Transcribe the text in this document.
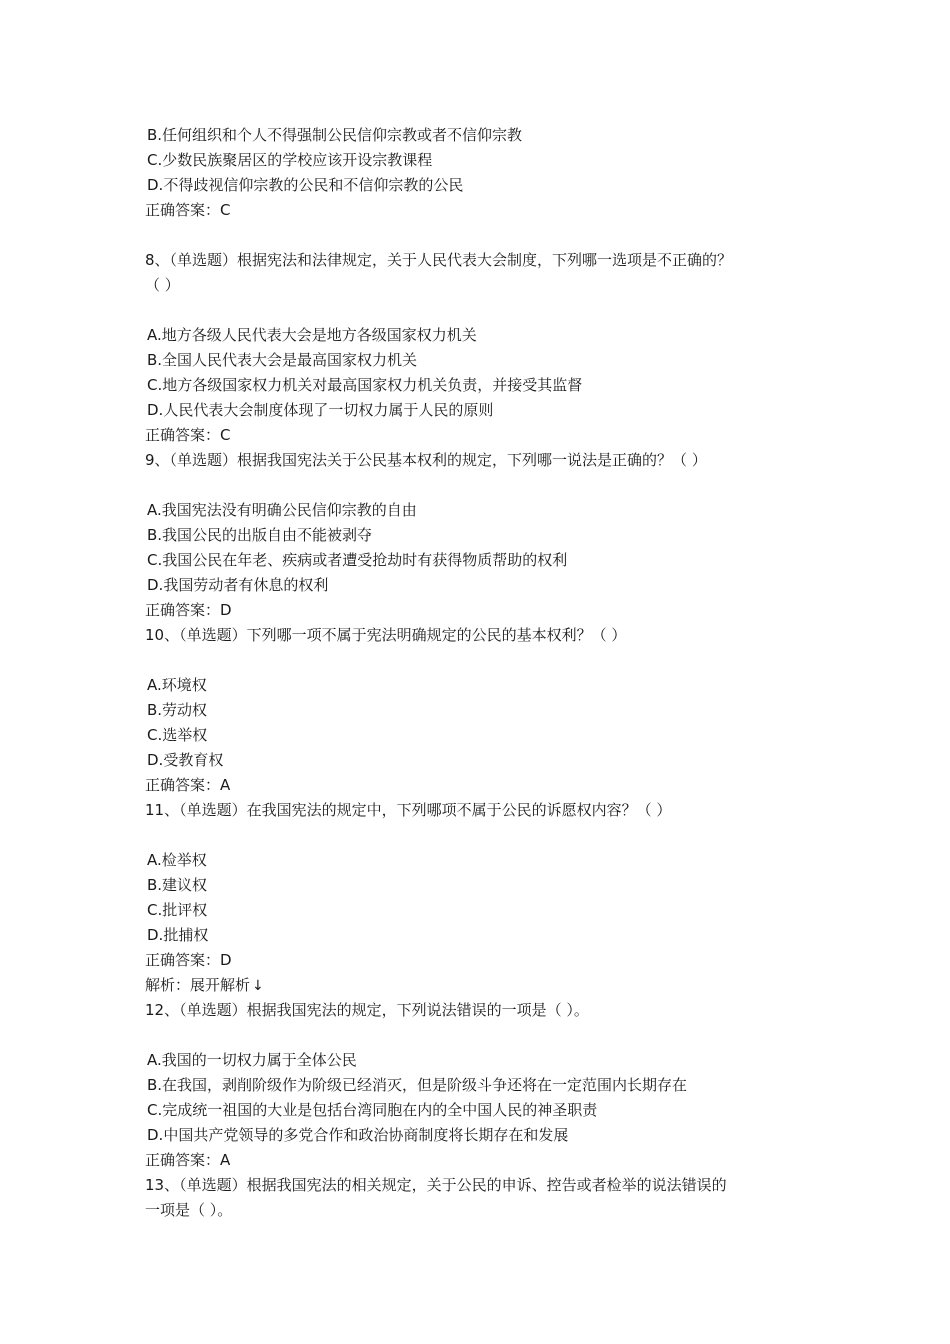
B.任何组织和个人不得强制公民信仰宗教或者不信仰宗教
C.少数民族聚居区的学校应该开设宗教课程
D.不得歧视信仰宗教的公民和不信仰宗教的公民
正确答案：C
8、（单选题）根据宪法和法律规定，关于人民代表大会制度，下列哪一选项是不正确的？
（ ）
A.地方各级人民代表大会是地方各级国家权力机关
B.全国人民代表大会是最高国家权力机关
C.地方各级国家权力机关对最高国家权力机关负责，并接受其监督
D.人民代表大会制度体现了一切权力属于人民的原则
正确答案：C
9、（单选题）根据我国宪法关于公民基本权利的规定，下列哪一说法是正确的？（ ）
A.我国宪法没有明确公民信仰宗教的自由
B.我国公民的出版自由不能被剥夺
C.我国公民在年老、疾病或者遭受抢劫时有获得物质帮助的权利
D.我国劳动者有休息的权利
正确答案：D
10、（单选题）下列哪一项不属于宪法明确规定的公民的基本权利？（ ）
A.环境权
B.劳动权
C.选举权
D.受教育权
正确答案：A
11、（单选题）在我国宪法的规定中，下列哪项不属于公民的诉愿权内容？（ ）
A.检举权
B.建议权
C.批评权
D.批捕权
正确答案：D
解析：展开解析 ↓
12、（单选题）根据我国宪法的规定，下列说法错误的一项是（ ）。
A.我国的一切权力属于全体公民
B.在我国，剥削阶级作为阶级已经消灭，但是阶级斗争还将在一定范围内长期存在
C.完成统一祖国的大业是包括台湾同胞在内的全中国人民的神圣职责
D.中国共产党领导的多党合作和政治协商制度将长期存在和发展
正确答案：A
13、（单选题）根据我国宪法的相关规定，关于公民的申诉、控告或者检举的说法错误的
一项是（ ）。
